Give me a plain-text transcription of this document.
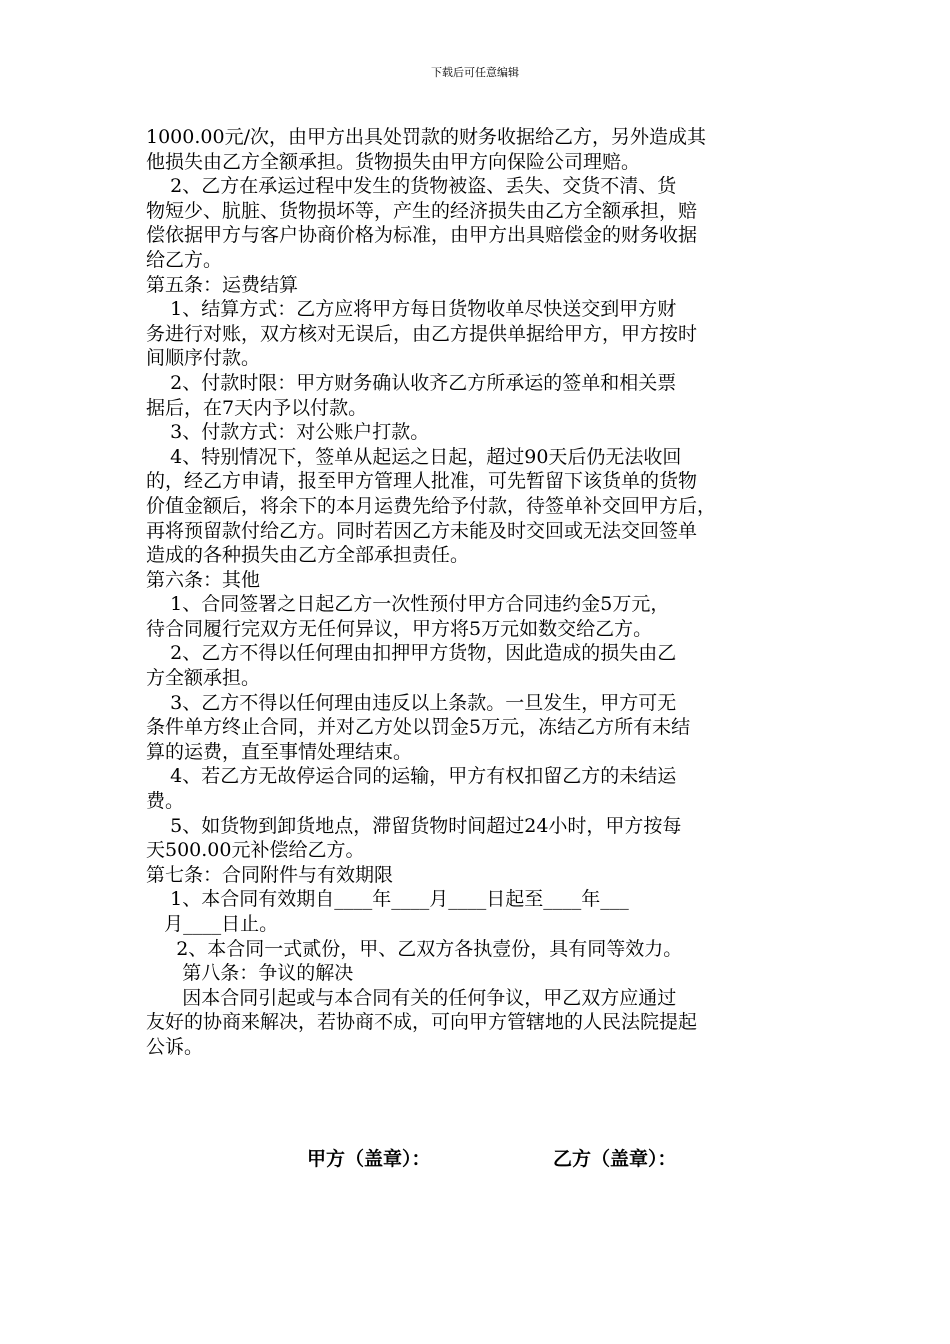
下载后可任意编辑
1000.00元/次，由甲方出具处罚款的财务收据给乙方，另外造成其
他损失由乙方全额承担。货物损失由甲方向保险公司理赔。
2、乙方在承运过程中发生的货物被盗、丢失、交货不清、货
物短少、肮脏、货物损坏等，产生的经济损失由乙方全额承担，赔
偿依据甲方与客户协商价格为标准，由甲方出具赔偿金的财务收据
给乙方。
第五条：运费结算
1、结算方式：乙方应将甲方每日货物收单尽快送交到甲方财
务进行对账，双方核对无误后，由乙方提供单据给甲方，甲方按时
间顺序付款。
2、付款时限：甲方财务确认收齐乙方所承运的签单和相关票
据后，在7天内予以付款。
3、付款方式：对公账户打款。
4、特别情况下，签单从起运之日起，超过90天后仍无法收回
的，经乙方申请，报至甲方管理人批准，可先暂留下该货单的货物
价值金额后，将余下的本月运费先给予付款，待签单补交回甲方后，
再将预留款付给乙方。同时若因乙方未能及时交回或无法交回签单
造成的各种损失由乙方全部承担责任。
第六条：其他
1、合同签署之日起乙方一次性预付甲方合同违约金5万元，
待合同履行完双方无任何异议，甲方将5万元如数交给乙方。
2、乙方不得以任何理由扣押甲方货物，因此造成的损失由乙
方全额承担。
3、乙方不得以任何理由违反以上条款。一旦发生，甲方可无
条件单方终止合同，并对乙方处以罚金5万元，冻结乙方所有未结
算的运费，直至事情处理结束。
4、若乙方无故停运合同的运输，甲方有权扣留乙方的未结运
费。
5、如货物到卸货地点，滞留货物时间超过24小时，甲方按每
天500.00元补偿给乙方。
第七条：合同附件与有效期限
1、本合同有效期自____年____月____日起至____年___
月____日止。
2、本合同一式贰份，甲、乙双方各执壹份，具有同等效力。
第八条：争议的解决
因本合同引起或与本合同有关的任何争议，甲乙双方应通过
友好的协商来解决，若协商不成，可向甲方管辖地的人民法院提起
公诉。
甲方（盖章）：	乙方（盖章）：
